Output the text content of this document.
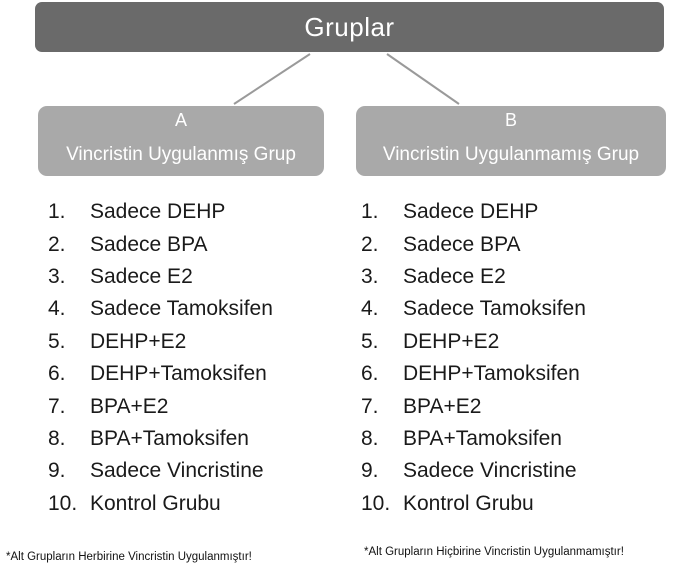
Gruplar
A
Vincristin Uygulanmış Grup
B
Vincristin Uygulanmamış Grup
1.	Sadece DEHP
2.	Sadece BPA
3.	Sadece E2
4.	Sadece Tamoksifen
5.	DEHP+E2
6.	DEHP+Tamoksifen
7.	BPA+E2
8.	BPA+Tamoksifen
9.	Sadece Vincristine
10. Kontrol Grubu
1.	Sadece DEHP
2.	Sadece BPA
3.	Sadece E2
4.	Sadece Tamoksifen
5.	DEHP+E2
6.	DEHP+Tamoksifen
7.	BPA+E2
8.	BPA+Tamoksifen
9.	Sadece Vincristine
10. Kontrol Grubu
*Alt Grupların Herbirine Vincristin Uygulanmıştır!	*Alt Grupların Hiçbirine Vincristin Uygulanmamıştır!
